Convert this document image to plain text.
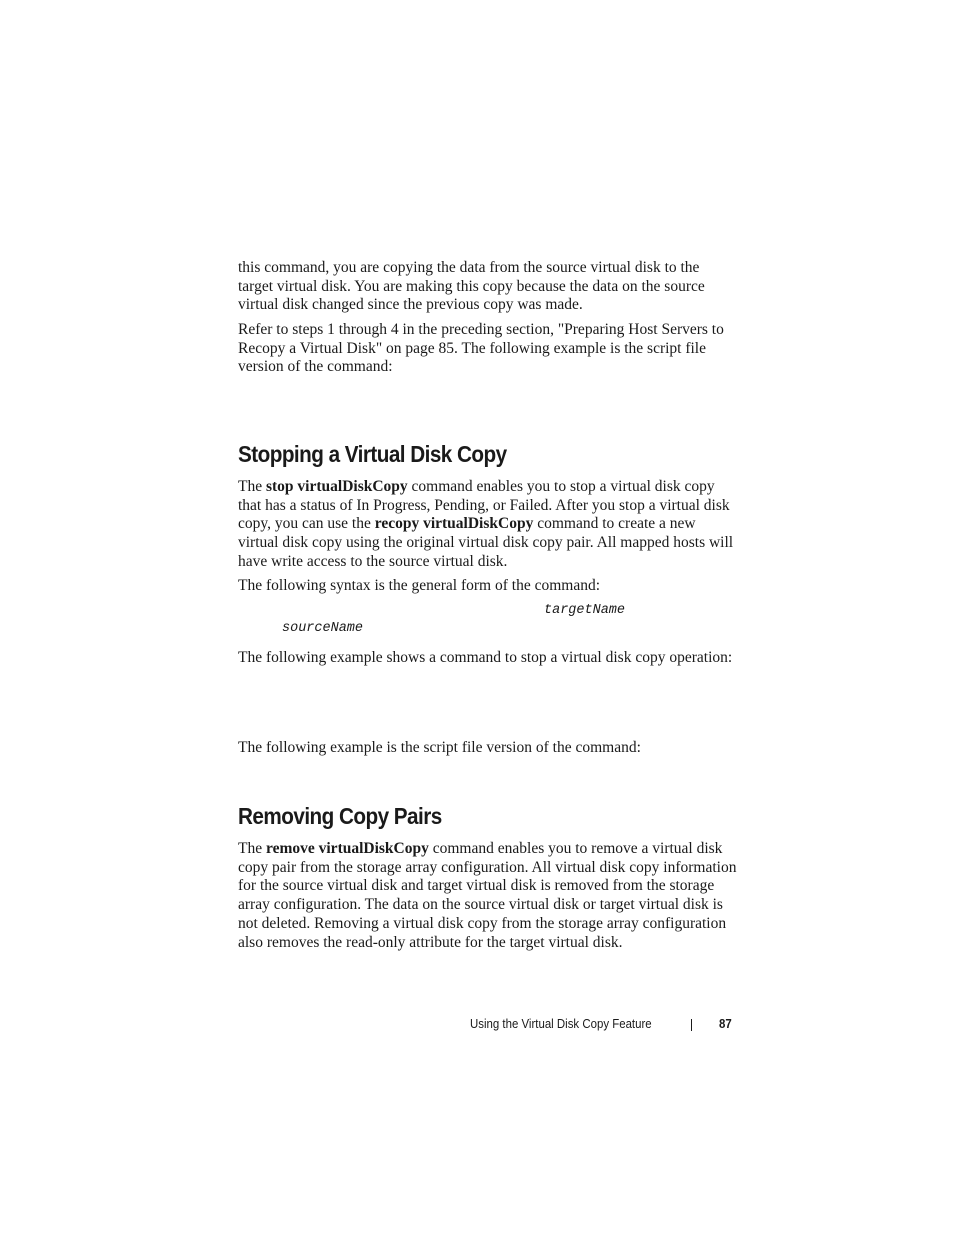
this command, you are copying the data from the source virtual disk to the target virtual disk. You are making this copy because the data on the source virtual disk changed since the previous copy was made.

Refer to steps 1 through 4 in the preceding section, "Preparing Host Servers to Recopy a Virtual Disk" on page 85. The following example is the script file version of the command:

Stopping a Virtual Disk Copy

The stop virtualDiskCopy command enables you to stop a virtual disk copy that has a status of In Progress, Pending, or Failed. After you stop a virtual disk copy, you can use the recopy virtualDiskCopy command to create a new virtual disk copy using the original virtual disk copy pair. All mapped hosts will have write access to the source virtual disk.

The following syntax is the general form of the command:

targetName
sourceName

The following example shows a command to stop a virtual disk copy operation:

The following example is the script file version of the command:

Removing Copy Pairs

The remove virtualDiskCopy command enables you to remove a virtual disk copy pair from the storage array configuration. All virtual disk copy information for the source virtual disk and target virtual disk is removed from the storage array configuration. The data on the source virtual disk or target virtual disk is not deleted. Removing a virtual disk copy from the storage array configuration also removes the read-only attribute for the target virtual disk.

Using the Virtual Disk Copy Feature	87
